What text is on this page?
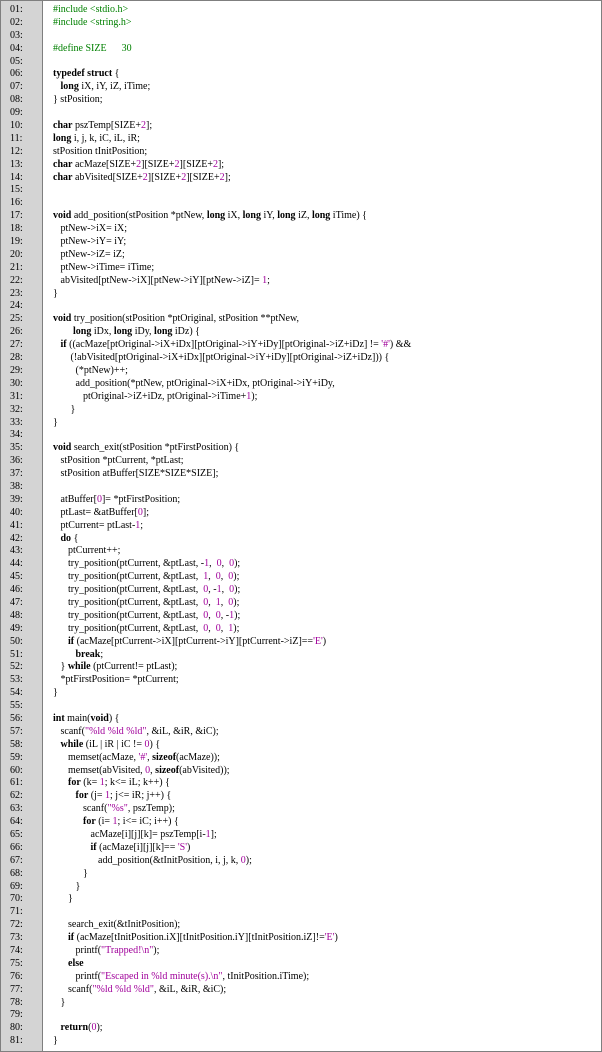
01:	#include <stdio.h>
02:	#include <string.h>
03:
04:	#define SIZE      30
05:
06:	typedef struct {
07:	long iX, iY, iZ, iTime;
08:	} stPosition;
09:
10:	char pszTemp[SIZE+2];
11:	long i, j, k, iC, iL, iR;
12:	stPosition tInitPosition;
13:	char acMaze[SIZE+2][SIZE+2][SIZE+2];
14:	char abVisited[SIZE+2][SIZE+2][SIZE+2];
15:
16:
17:	void add_position(stPosition *ptNew, long iX, long iY, long iZ, long iTime) {
18:	ptNew->iX= iX;
19:	ptNew->iY= iY;
20:	ptNew->iZ= iZ;
21:	ptNew->iTime= iTime;
22:	abVisited[ptNew->iX][ptNew->iY][ptNew->iZ]= 1;
23:	}
24:
25:	void try_position(stPosition *ptOriginal, stPosition **ptNew,
26:	long iDx, long iDy, long iDz) {
27:	if ((acMaze[ptOriginal->iX+iDx][ptOriginal->iY+iDy][ptOriginal->iZ+iDz] != '#') &&
28:	(!abVisited[ptOriginal->iX+iDx][ptOriginal->iY+iDy][ptOriginal->iZ+iDz])) {
29:	(*ptNew)++;
30:	add_position(*ptNew, ptOriginal->iX+iDx, ptOriginal->iY+iDy,
31:	ptOriginal->iZ+iDz, ptOriginal->iTime+1);
32:	}
33:	}
34:
35:	void search_exit(stPosition *ptFirstPosition) {
36:	stPosition *ptCurrent, *ptLast;
37:	stPosition atBuffer[SIZE*SIZE*SIZE];
38:
39:	atBuffer[0]= *ptFirstPosition;
40:	ptLast= &atBuffer[0];
41:	ptCurrent= ptLast-1;
42:	do {
43:	ptCurrent++;
44:	try_position(ptCurrent, &ptLast, -1,  0,  0);
45:	try_position(ptCurrent, &ptLast,  1,  0,  0);
46:	try_position(ptCurrent, &ptLast,  0, -1,  0);
47:	try_position(ptCurrent, &ptLast,  0,  1,  0);
48:	try_position(ptCurrent, &ptLast,  0,  0, -1);
49:	try_position(ptCurrent, &ptLast,  0,  0,  1);
50:	if (acMaze[ptCurrent->iX][ptCurrent->iY][ptCurrent->iZ]=='E')
51:	break;
52:	} while (ptCurrent!= ptLast);
53:	*ptFirstPosition= *ptCurrent;
54:	}
55:
56:	int main(void) {
57:	scanf("%ld %ld %ld", &iL, &iR, &iC);
58:	while (iL | iR | iC != 0) {
59:	memset(acMaze, '#', sizeof(acMaze));
60:	memset(abVisited, 0, sizeof(abVisited));
61:	for (k= 1; k<= iL; k++) {
62:	for (j= 1; j<= iR; j++) {
63:	scanf("%s", pszTemp);
64:	for (i= 1; i<= iC; i++) {
65:	acMaze[i][j][k]= pszTemp[i-1];
66:	if (acMaze[i][j][k]== 'S')
67:	add_position(&tInitPosition, i, j, k, 0);
68:	}
69:	}
70:	}
71:
72:	search_exit(&tInitPosition);
73:	if (acMaze[tInitPosition.iX][tInitPosition.iY][tInitPosition.iZ]!='E')
74:	printf("Trapped!\n");
75:	else
76:	printf("Escaped in %ld minute(s).\n", tInitPosition.iTime);
77:	scanf("%ld %ld %ld", &iL, &iR, &iC);
78:	}
79:
80:	return(0);
81:	}
